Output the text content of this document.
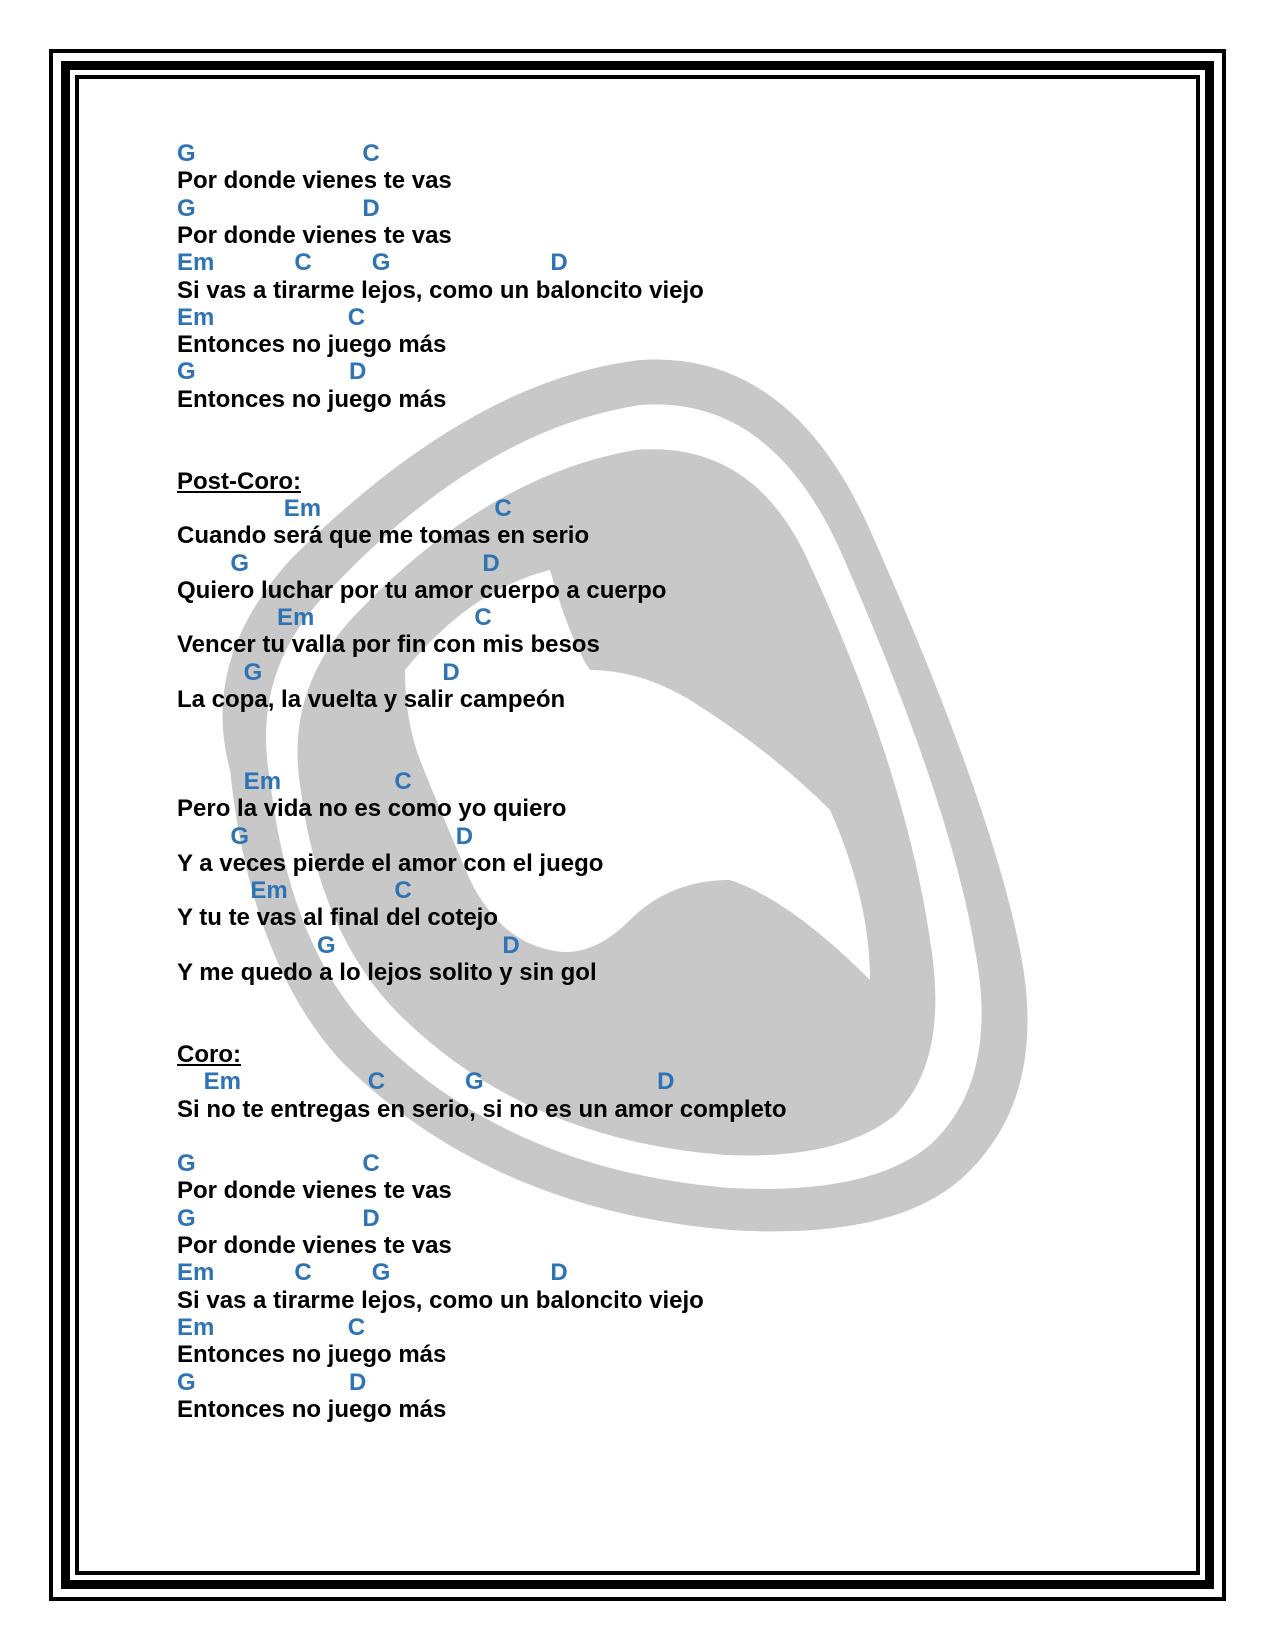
G                         C
Por donde vienes te vas
G                         D
Por donde vienes te vas
Em            C         G                        D
Si vas a tirarme lejos, como un baloncito viejo
Em                    C
Entonces no juego más
G                       D
Entonces no juego más
Post-Coro:
Em                          C
Cuando será que me tomas en serio
G                                   D
Quiero luchar por tu amor cuerpo a cuerpo
Em                        C
Vencer tu valla por fin con mis besos
G                           D
La copa, la vuelta y salir campeón
Em                 C
Pero la vida no es como yo quiero
G                               D
Y a veces pierde el amor con el juego
Em                C
Y tu te vas al final del cotejo
G                         D
Y me quedo a lo lejos solito y sin gol
Coro:
Em                   C            G                          D
Si no te entregas en serio, si no es un amor completo
G                         C
Por donde vienes te vas
G                         D
Por donde vienes te vas
Em            C         G                        D
Si vas a tirarme lejos, como un baloncito viejo
Em                    C
Entonces no juego más
G                       D
Entonces no juego más
